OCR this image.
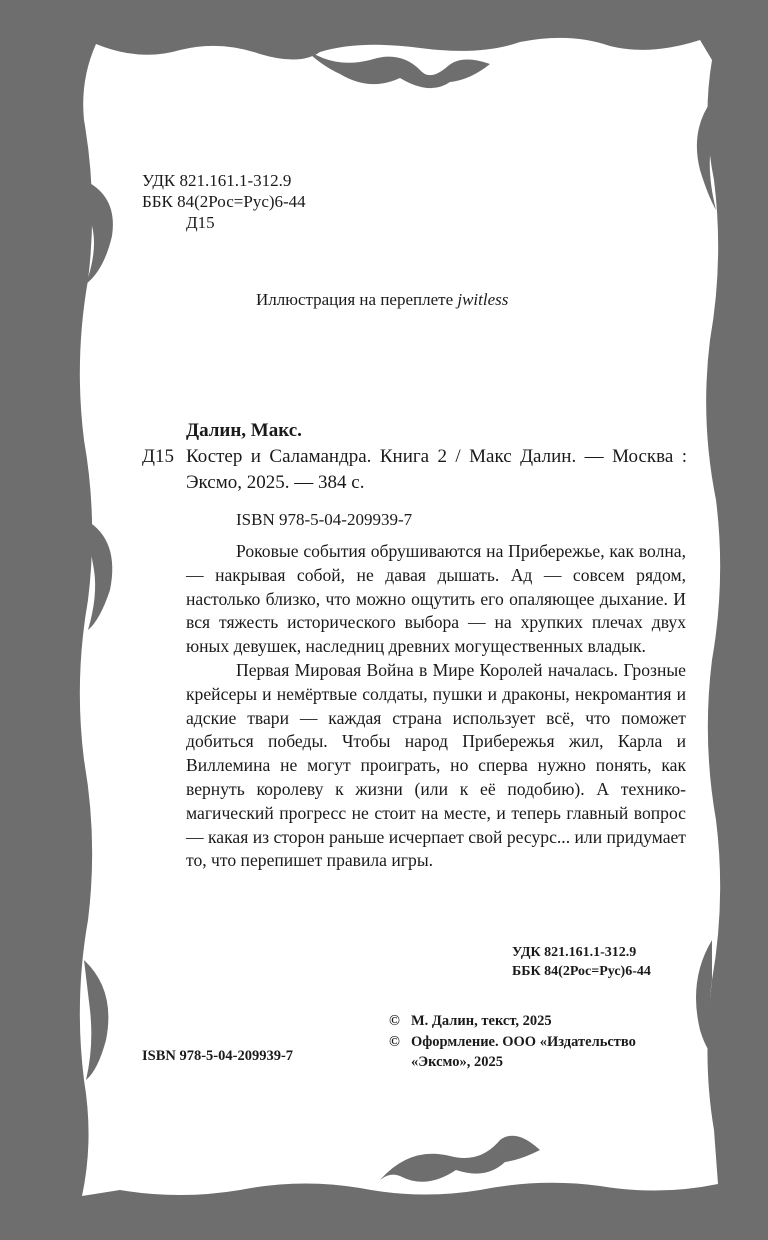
УДК 821.161.1-312.9
ББК 84(2Рос=Рус)6-44
Д15
Иллюстрация на переплете jwitless
Далин, Макс.
Д15 Костер и Саламандра. Книга 2 / Макс Далин. — Москва : Эксмо, 2025. — 384 с.
ISBN 978-5-04-209939-7

Роковые события обрушиваются на Прибережье, как волна, — накрывая собой, не давая дышать. Ад — совсем рядом, настолько близко, что можно ощутить его опаляющее дыхание. И вся тяжесть исторического выбора — на хрупких плечах двух юных девушек, наследниц древних могущественных владык.

Первая Мировая Война в Мире Королей началась. Грозные крейсеры и немёртвые солдаты, пушки и драконы, некромантия и адские твари — каждая страна использует всё, что поможет добиться победы. Чтобы народ Прибережья жил, Карла и Виллемина не могут проиграть, но сперва нужно понять, как вернуть королеву к жизни (или к её подобию). А технико-магический прогресс не стоит на месте, и теперь главный вопрос — какая из сторон раньше исчерпает свой ресурс... или придумает то, что перепишет правила игры.

УДК 821.161.1-312.9
ББК 84(2Рос=Рус)6-44
© М. Далин, текст, 2025
© Оформление. ООО «Издательство «Эксмо», 2025
ISBN 978-5-04-209939-7
